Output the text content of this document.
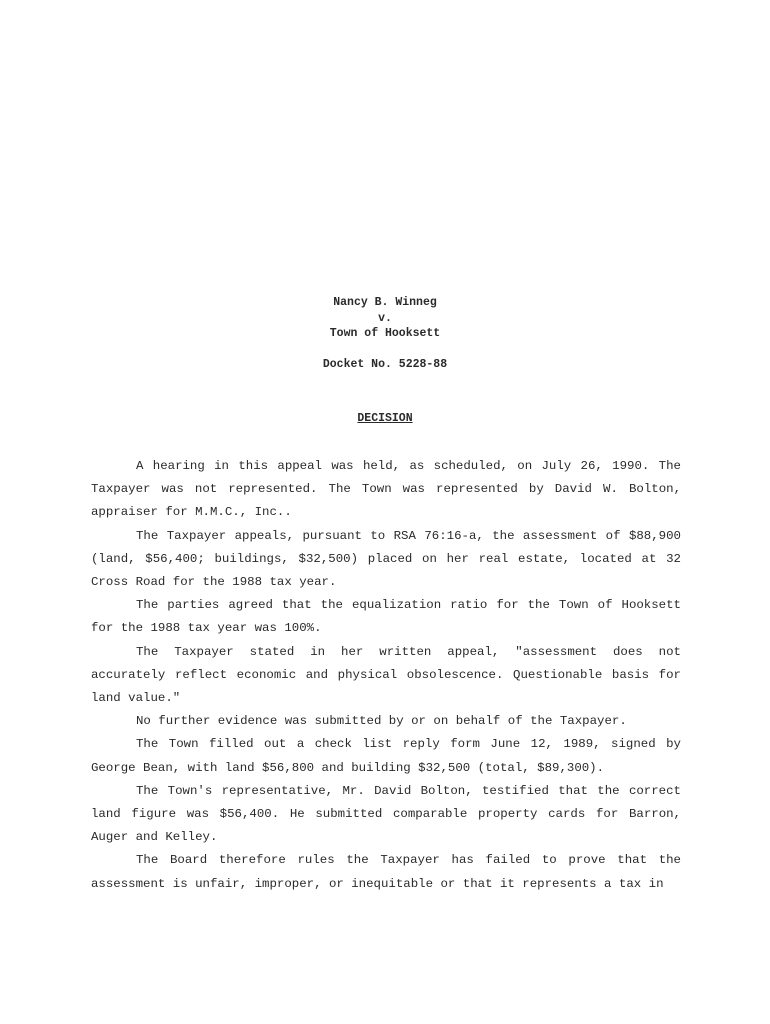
Nancy B. Winneg
v.
Town of Hooksett
Docket No. 5228-88
DECISION

A hearing in this appeal was held, as scheduled, on July 26, 1990. The Taxpayer was not represented. The Town was represented by David W. Bolton, appraiser for M.M.C., Inc..

The Taxpayer appeals, pursuant to RSA 76:16-a, the assessment of $88,900 (land, $56,400; buildings, $32,500) placed on her real estate, located at 32 Cross Road for the 1988 tax year.

The parties agreed that the equalization ratio for the Town of Hooksett for the 1988 tax year was 100%.

The Taxpayer stated in her written appeal, "assessment does not accurately reflect economic and physical obsolescence. Questionable basis for land value."

No further evidence was submitted by or on behalf of the Taxpayer.

The Town filled out a check list reply form June 12, 1989, signed by George Bean, with land $56,800 and building $32,500 (total, $89,300).

The Town's representative, Mr. David Bolton, testified that the correct land figure was $56,400. He submitted comparable property cards for Barron, Auger and Kelley.

The Board therefore rules the Taxpayer has failed to prove that the assessment is unfair, improper, or inequitable or that it represents a tax in
